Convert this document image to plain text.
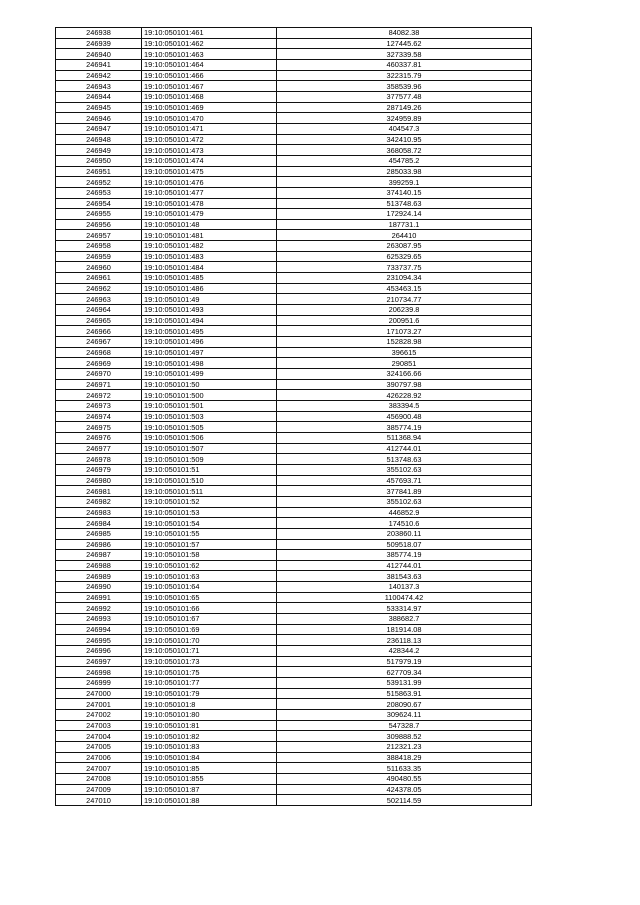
246938	19:10:050101:461	84082.38
246939	19:10:050101:462	127445.62
246940	19:10:050101:463	327339.58
246941	19:10:050101:464	460337.81
246942	19:10:050101:466	322315.79
246943	19:10:050101:467	358539.96
246944	19:10:050101:468	377577.48
246945	19:10:050101:469	287149.26
246946	19:10:050101:470	324959.89
246947	19:10:050101:471	404547.3
246948	19:10:050101:472	342410.95
246949	19:10:050101:473	368058.72
246950	19:10:050101:474	454785.2
246951	19:10:050101:475	285033.98
246952	19:10:050101:476	399259.1
246953	19:10:050101:477	374140.15
246954	19:10:050101:478	513748.63
246955	19:10:050101:479	172924.14
246956	19:10:050101:48	187731.1
246957	19:10:050101:481	264410
246958	19:10:050101:482	263087.95
246959	19:10:050101:483	625329.65
246960	19:10:050101:484	733737.75
246961	19:10:050101:485	231094.34
246962	19:10:050101:486	453463.15
246963	19:10:050101:49	210734.77
246964	19:10:050101:493	206239.8
246965	19:10:050101:494	200951.6
246966	19:10:050101:495	171073.27
246967	19:10:050101:496	152828.98
246968	19:10:050101:497	396615
246969	19:10:050101:498	290851
246970	19:10:050101:499	324166.66
246971	19:10:050101:50	390797.98
246972	19:10:050101:500	426228.92
246973	19:10:050101:501	383394.5
246974	19:10:050101:503	456900.48
246975	19:10:050101:505	385774.19
246976	19:10:050101:506	511368.94
246977	19:10:050101:507	412744.01
246978	19:10:050101:509	513748.63
246979	19:10:050101:51	355102.63
246980	19:10:050101:510	457693.71
246981	19:10:050101:511	377841.89
246982	19:10:050101:52	355102.63
246983	19:10:050101:53	446852.9
246984	19:10:050101:54	174510.6
246985	19:10:050101:55	203860.11
246986	19:10:050101:57	509518.07
246987	19:10:050101:58	385774.19
246988	19:10:050101:62	412744.01
246989	19:10:050101:63	381543.63
246990	19:10:050101:64	140137.3
246991	19:10:050101:65	1100474.42
246992	19:10:050101:66	533314.97
246993	19:10:050101:67	388682.7
246994	19:10:050101:69	181914.08
246995	19:10:050101:70	236118.13
246996	19:10:050101:71	428344.2
246997	19:10:050101:73	517979.19
246998	19:10:050101:75	627709.34
246999	19:10:050101:77	539131.99
247000	19:10:050101:79	515863.91
247001	19:10:050101:8	208090.67
247002	19:10:050101:80	309624.11
247003	19:10:050101:81	547328.7
247004	19:10:050101:82	309888.52
247005	19:10:050101:83	212321.23
247006	19:10:050101:84	388418.29
247007	19:10:050101:85	511633.35
247008	19:10:050101:855	490480.55
247009	19:10:050101:87	424378.05
247010	19:10:050101:88	502114.59
